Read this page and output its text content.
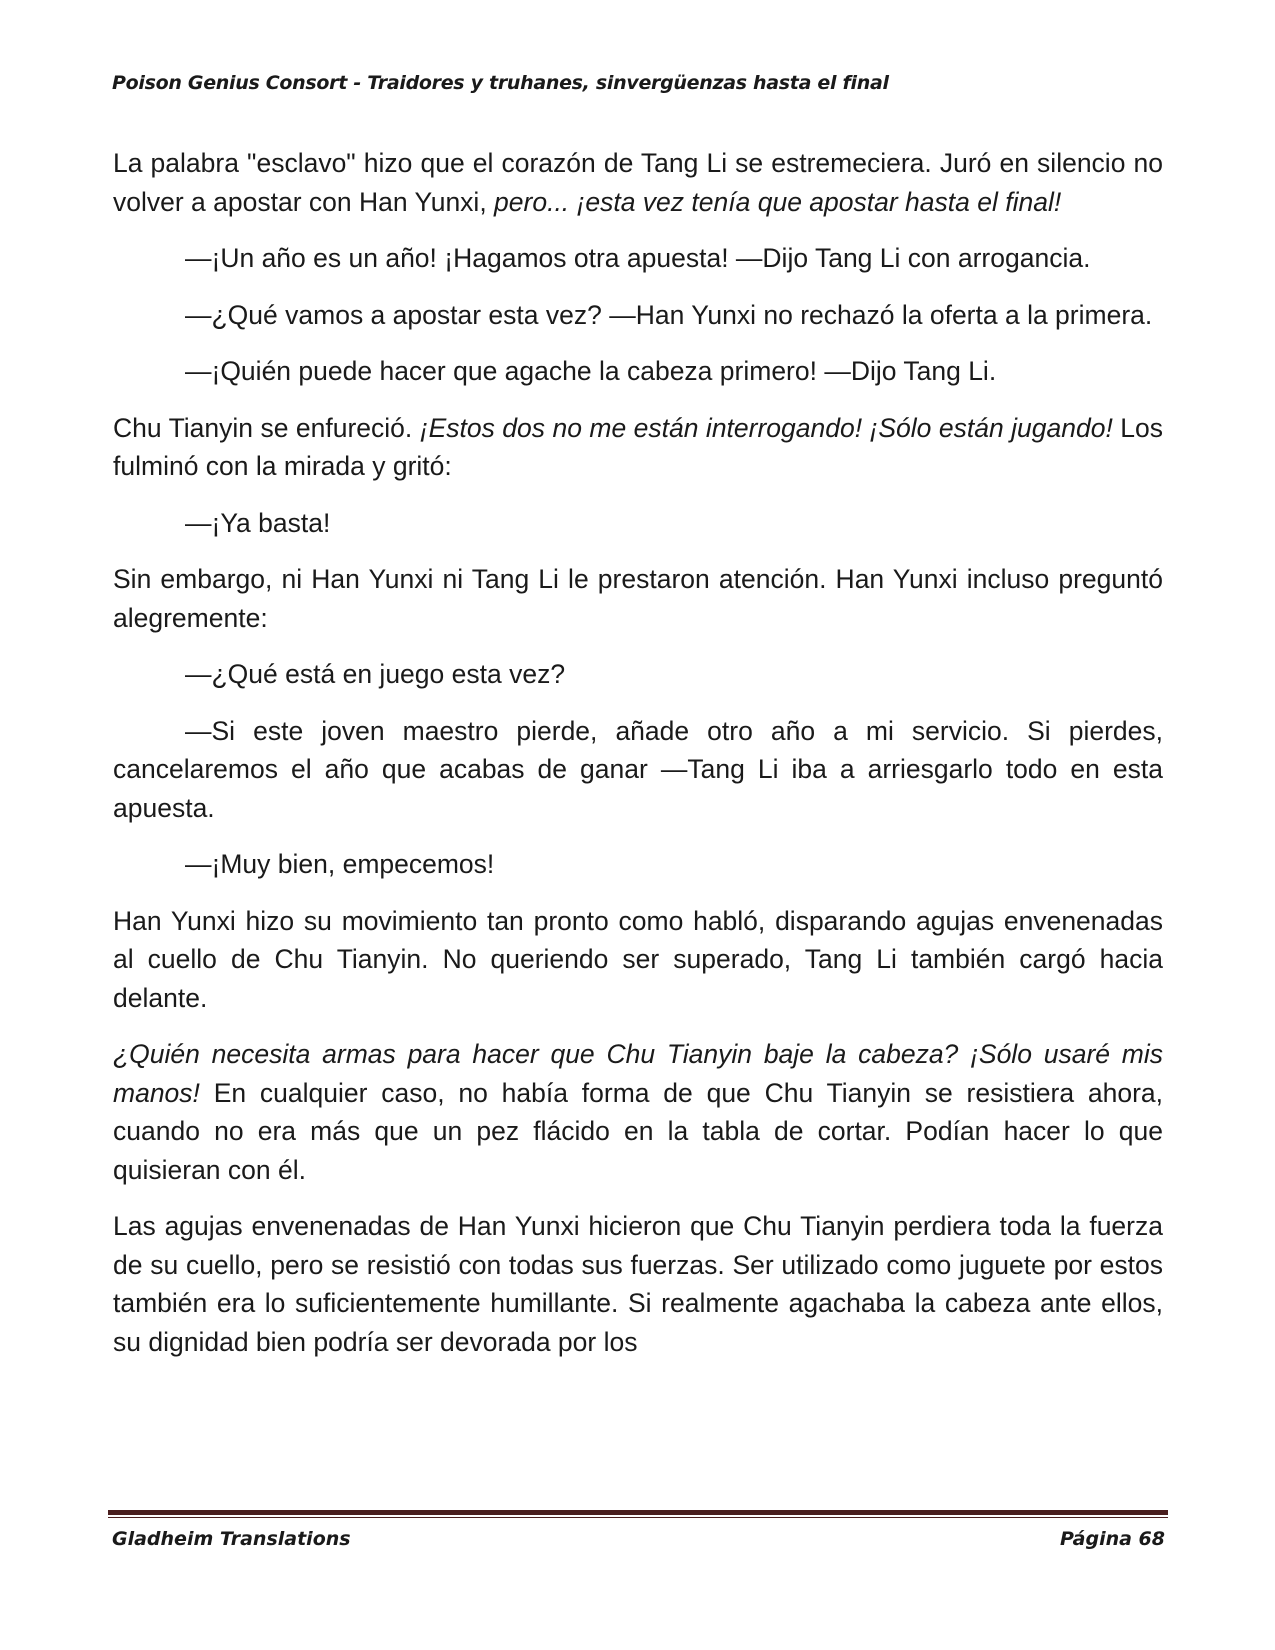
Poison Genius Consort - Traidores y truhanes, sinvergüenzas hasta el final

La palabra "esclavo" hizo que el corazón de Tang Li se estremeciera. Juró en silencio no volver a apostar con Han Yunxi, pero... ¡esta vez tenía que apostar hasta el final!

—¡Un año es un año! ¡Hagamos otra apuesta! —Dijo Tang Li con arrogancia.

—¿Qué vamos a apostar esta vez? —Han Yunxi no rechazó la oferta a la primera.

—¡Quién puede hacer que agache la cabeza primero! —Dijo Tang Li.

Chu Tianyin se enfureció. ¡Estos dos no me están interrogando! ¡Sólo están jugando! Los fulminó con la mirada y gritó:

—¡Ya basta!

Sin embargo, ni Han Yunxi ni Tang Li le prestaron atención. Han Yunxi incluso preguntó alegremente:

—¿Qué está en juego esta vez?

—Si este joven maestro pierde, añade otro año a mi servicio. Si pierdes, cancelaremos el año que acabas de ganar —Tang Li iba a arriesgarlo todo en esta apuesta.

—¡Muy bien, empecemos!

Han Yunxi hizo su movimiento tan pronto como habló, disparando agujas envenenadas al cuello de Chu Tianyin. No queriendo ser superado, Tang Li también cargó hacia delante.

¿Quién necesita armas para hacer que Chu Tianyin baje la cabeza? ¡Sólo usaré mis manos! En cualquier caso, no había forma de que Chu Tianyin se resistiera ahora, cuando no era más que un pez flácido en la tabla de cortar. Podían hacer lo que quisieran con él.

Las agujas envenenadas de Han Yunxi hicieron que Chu Tianyin perdiera toda la fuerza de su cuello, pero se resistió con todas sus fuerzas. Ser utilizado como juguete por estos también era lo suficientemente humillante. Si realmente agachaba la cabeza ante ellos, su dignidad bien podría ser devorada por los

Gladheim Translations	Página 68
